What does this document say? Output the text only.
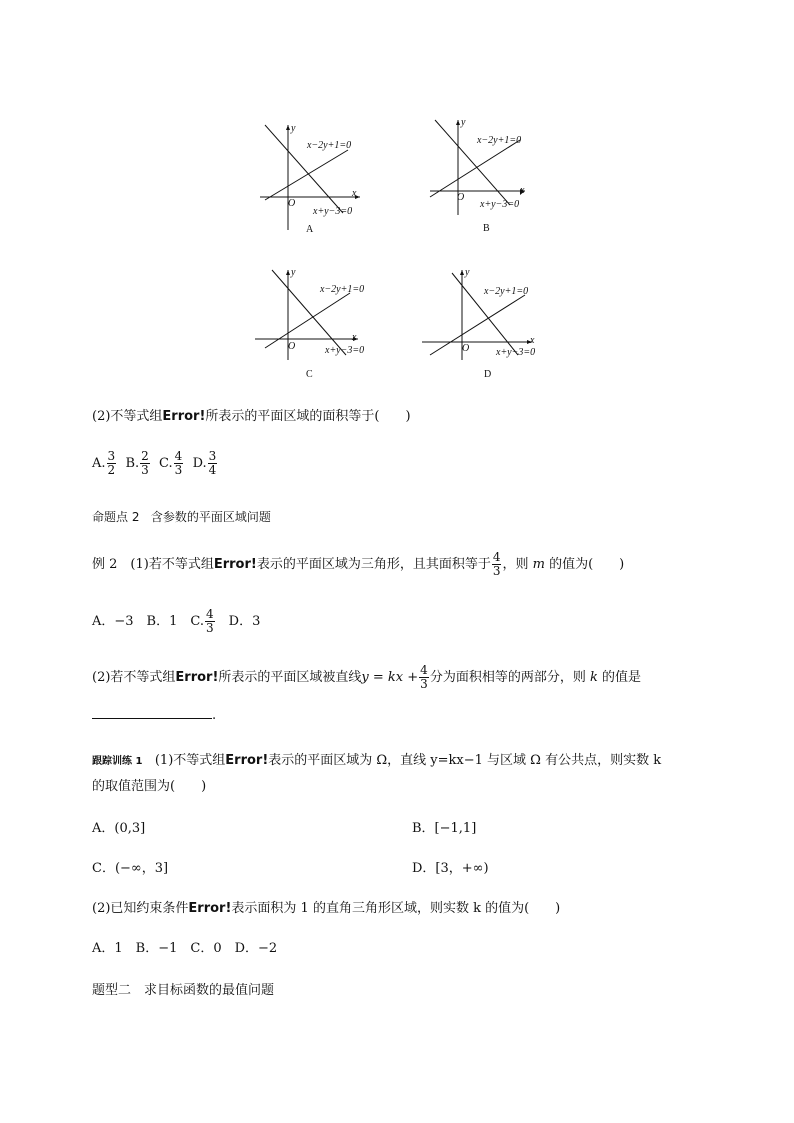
y
x
O
x−2y+1=0
x+y−3=0
A
y
x
O
x−2y+1=0
x+y−3=0
B
y
x
O
x−2y+1=0
x+y−3=0
C
y
x
O
x−2y+1=0
x+y−3=0
D
(2)不等式组Error!所表示的平面区域的面积等于(　　)
A. $\frac{3}{2} B$. $\frac{2}{3} C$. $\frac{4}{3} D$. $\frac{3}{4}$
命题点 2 含参数的平面区域问题
例 2　(1)若不等式组Error!表示的平面区域为三角形，且其面积等于 $\frac{4}{3}$ ，则 m 的值为(　　)
A．−3　B．1　C. $\frac{4}{3}$ 　D．3
(2)若不等式组Error!所表示的平面区域被直线y = kx + $\frac{4}{3}$ 分为面积相等的两部分，则 k 的值是
.
跟踪训练 1 (1)不等式组Error!表示的平面区域为 Ω，直线 y=kx−1 与区域 Ω 有公共点，则实数 k
的取值范围为(　　)
A．(0,3]	B．[−1,1]
C．(−∞，3]	D．[3，+∞)
(2)已知约束条件Error!表示面积为 1 的直角三角形区域，则实数 k 的值为(　　)
A．1　B．−1　C．0　D．−2
题型二　求目标函数的最值问题
